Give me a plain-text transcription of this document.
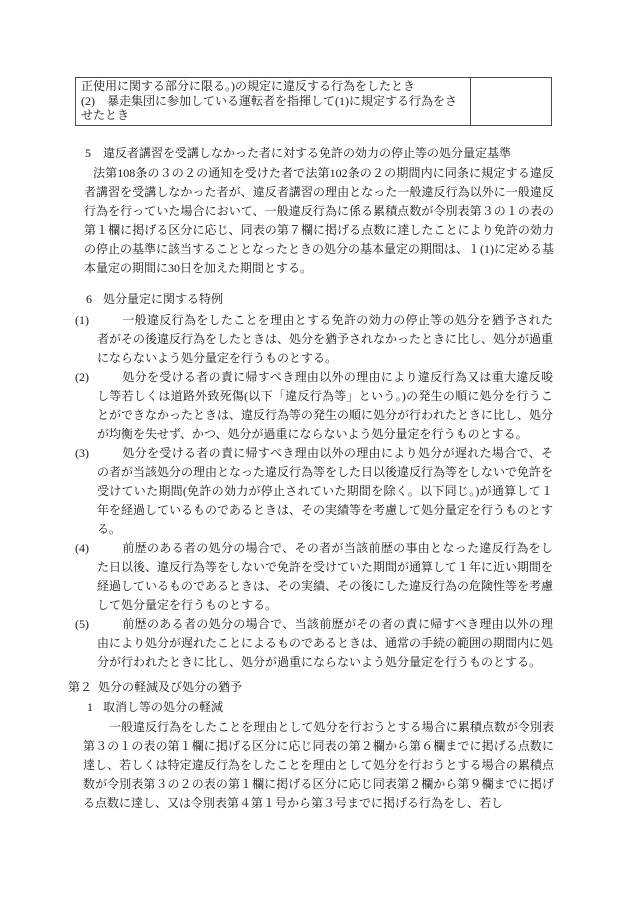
正使用に関する部分に限る。)の規定に違反する行為をしたとき
(2)　暴走集団に参加している運転者を指揮して(1)に規定する行為をさせたとき
5 違反者講習を受講しなかった者に対する免許の効力の停止等の処分量定基準
法第108条の３の２の通知を受けた者で法第102条の２の期間内に同条に規定する違反者講習を受講しなかった者が、違反者講習の理由となった一般違反行為以外に一般違反行為を行っていた場合において、一般違反行為に係る累積点数が令別表第３の１の表の第１欄に掲げる区分に応じ、同表の第７欄に掲げる点数に達したことにより免許の効力の停止の基準に該当することとなったときの処分の基本量定の期間は、１(1)に定める基本量定の期間に30日を加えた期間とする。
6 処分量定に関する特例
(1)	一般違反行為をしたことを理由とする免許の効力の停止等の処分を猶予された者がその後違反行為をしたときは、処分を猶予されなかったときに比し、処分が過重にならないよう処分量定を行うものとする。
(2)	処分を受ける者の責に帰すべき理由以外の理由により違反行為又は重大違反唆し等若しくは道路外致死傷(以下「違反行為等」という。)の発生の順に処分を行うことができなかったときは、違反行為等の発生の順に処分が行われたときに比し、処分が均衡を失せず、かつ、処分が過重にならないよう処分量定を行うものとする。
(3)	処分を受ける者の責に帰すべき理由以外の理由により処分が遅れた場合で、その者が当該処分の理由となった違反行為等をした日以後違反行為等をしないで免許を受けていた期間(免許の効力が停止されていた期間を除く。以下同じ。)が通算して１年を経過しているものであるときは、その実績等を考慮して処分量定を行うものとする。
(4)	前歴のある者の処分の場合で、その者が当該前歴の事由となった違反行為をした日以後、違反行為等をしないで免許を受けていた期間が通算して１年に近い期間を経過しているものであるときは、その実績、その後にした違反行為の危険性等を考慮して処分量定を行うものとする。
(5)	前歴のある者の処分の場合で、当該前歴がその者の責に帰すべき理由以外の理由により処分が遅れたことによるものであるときは、通常の手続の範囲の期間内に処分が行われたときに比し、処分が過重にならないよう処分量定を行うものとする。
第２ 処分の軽減及び処分の猶予
1 取消し等の処分の軽減
一般違反行為をしたことを理由として処分を行おうとする場合に累積点数が令別表第３の１の表の第１欄に掲げる区分に応じ同表の第２欄から第６欄までに掲げる点数に達し、若しくは特定違反行為をしたことを理由として処分を行おうとする場合の累積点数が令別表第３の２の表の第１欄に掲げる区分に応じ同表第２欄から第９欄までに掲げる点数に達し、又は令別表第４第１号から第３号までに掲げる行為をし、若し
